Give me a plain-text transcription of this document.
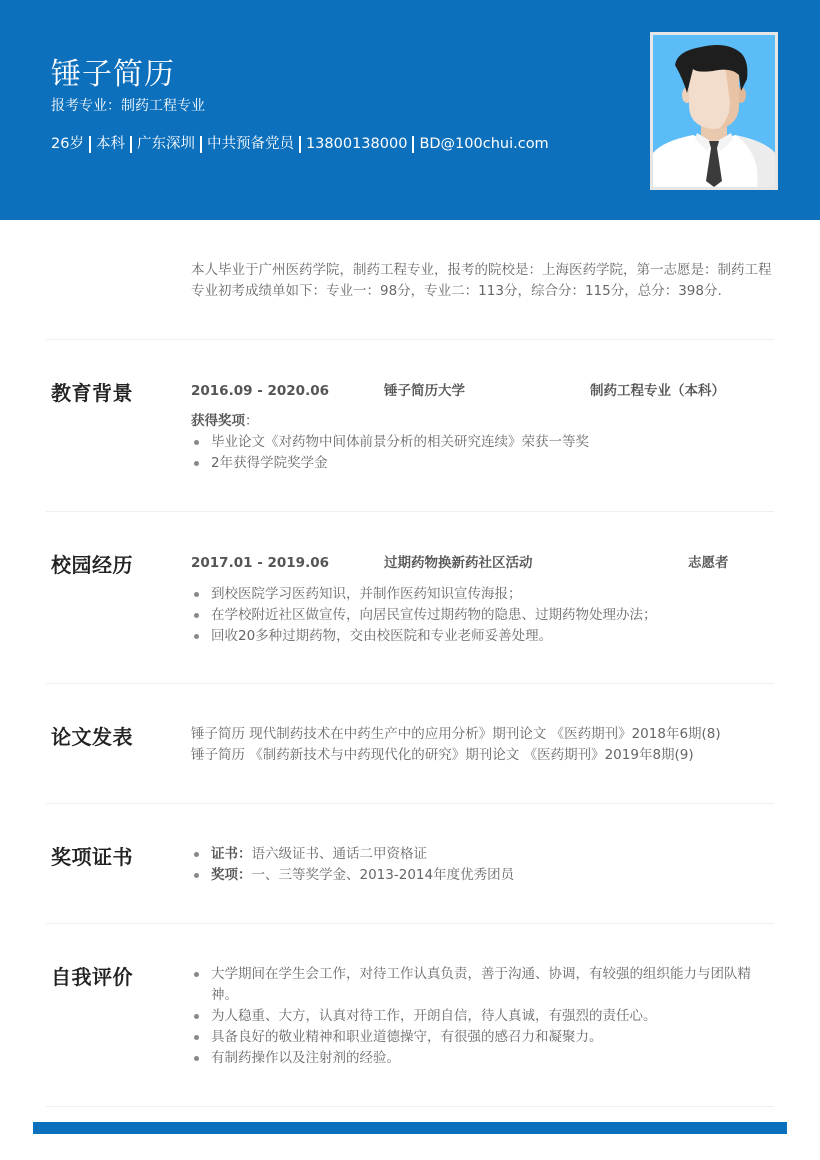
锤子简历
报考专业：制药工程专业
26岁 本科 广东深圳 中共预备党员 13800138000 BD@100chui.com
本人毕业于广州医药学院，制药工程专业，报考的院校是：上海医药学院，第一志愿是：制药工程专业初考成绩单如下：专业一：98分，专业二：113分，综合分：115分，总分：398分.
教育背景	2016.09 - 2020.06	锤子简历大学	制药工程专业（本科）
获得奖项：
毕业论文《对药物中间体前景分析的相关研究连续》荣获一等奖
2年获得学院奖学金
校园经历	2017.01 - 2019.06	过期药物换新药社区活动	志愿者
到校医院学习医药知识，并制作医药知识宣传海报；
在学校附近社区做宣传，向居民宣传过期药物的隐患、过期药物处理办法；
回收20多种过期药物，交由校医院和专业老师妥善处理。
论文发表	锤子简历 现代制药技术在中药生产中的应用分析》期刊论文 《医药期刊》2018年6期(8)
锤子简历 《制药新技术与中药现代化的研究》期刊论文 《医药期刊》2019年8期(9)
奖项证书	证书：语六级证书、通话二甲资格证
奖项：一、三等奖学金、2013-2014年度优秀团员
自我评价	大学期间在学生会工作，对待工作认真负责，善于沟通、协调，有较强的组织能力与团队精神。
为人稳重、大方，认真对待工作，开朗自信，待人真诚，有强烈的责任心。
具备良好的敬业精神和职业道德操守，有很强的感召力和凝聚力。
有制药操作以及注射剂的经验。
